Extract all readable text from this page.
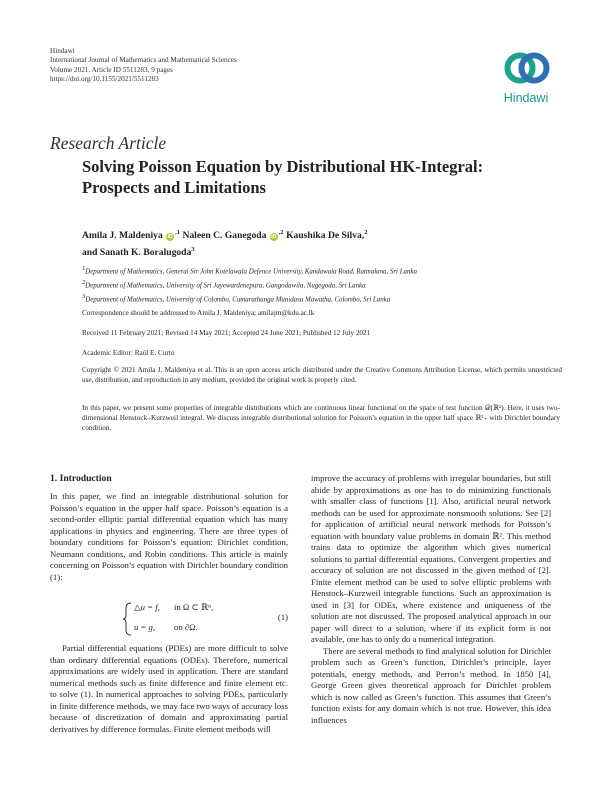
Hindawi
International Journal of Mathematics and Mathematical Sciences
Volume 2021, Article ID 5511283, 9 pages
https://doi.org/10.1155/2021/5511283
Hindawi
Research Article
Solving Poisson Equation by Distributional HK-Integral: Prospects and Limitations
Amila J. Maldeniya $iD^{,1}$ Naleen C. Ganegoda $iD^{,2}$ Kaushika De Silva,$^2$
and Sanath K. Boralugoda$^3$
$^1$Department of Mathematics, General Sir John Kotelawala Defence University, Kandawala Road, Ratmalana, Sri Lanka
$^2$Department of Mathematics, University of Sri Jayewardenepura, Gangodawila, Nugegoda, Sri Lanka
$^3$Department of Mathematics, University of Colombo, Cumarathunga Munidasa Mawatha, Colombo, Sri Lanka
Correspondence should be addressed to Amila J. Maldeniya; amilajm@kdu.ac.lk
Received 11 February 2021; Revised 14 May 2021; Accepted 24 June 2021; Published 12 July 2021
Academic Editor: Raúl E. Curto
Copyright © 2021 Amila J. Maldeniya et al. This is an open access article distributed under the Creative Commons Attribution License, which permits unrestricted use, distribution, and reproduction in any medium, provided the original work is properly cited.
In this paper, we present some properties of integrable distributions which are continuous linear functional on the space of test function 𝒟(ℝ²). Here, it uses two-dimensional Henstock–Kurzweil integral. We discuss integrable distributional solution for Poisson’s equation in the upper half space ℝ²₊ with Dirichlet boundary condition.
1. Introduction

In this paper, we find an integrable distributional solution for Poisson’s equation in the upper half space. Poisson’s equation is a second-order elliptic partial differential equation which has many applications in physics and engineering. There are three types of boundary conditions for Poisson’s equation: Dirichlet condition, Neumann conditions, and Robin conditions. This article is mainly concerning on Poisson’s equation with Dirichlet boundary condition (1):

△u = f, in Ω ⊂ ℝⁿ,
u = g, on ∂Ω.
(1)

Partial differential equations (PDEs) are more difficult to solve than ordinary differential equations (ODEs). Therefore, numerical approximations are widely used in application. There are standard numerical methods such as finite difference and finite element etc. to solve (1). In numerical approaches to solving PDEs, particularly in finite difference methods, we may face two ways of accuracy loss because of discretization of domain and approximating partial derivatives by difference formulas. Finite element methods will

improve the accuracy of problems with irregular boundaries, but still abide by approximations as one has to do minimizing functionals with smaller class of functions [1]. Also, artificial neural network methods can be used for approximate nonsmooth solutions. See [2] for application of artificial neural network methods for Poisson’s equation with boundary value problems in domain ℝ². This method trains data to optimize the algorithm which gives numerical solutions to partial differential equations. Convergent properties and accuracy of solution are not discussed in the given method of [2]. Finite element method can be used to solve elliptic problems with Henstock–Kurzweil integrable functions. Such an approximation is used in [3] for ODEs, where existence and uniqueness of the solution are not discussed. The proposed analytical approach in our paper will direct to a solution, where if its explicit form is not available, one has to only do a numerical integration.

There are several methods to find analytical solution for Dirichlet problem such as Green’s function, Dirichlet’s principle, layer potentials, energy methods, and Perron’s method. In 1850 [4], George Green gives theoretical approach for Dirichlet problem which is now called as Green’s function. This assumes that Green’s function exists for any domain which is not true. However, this idea influences
